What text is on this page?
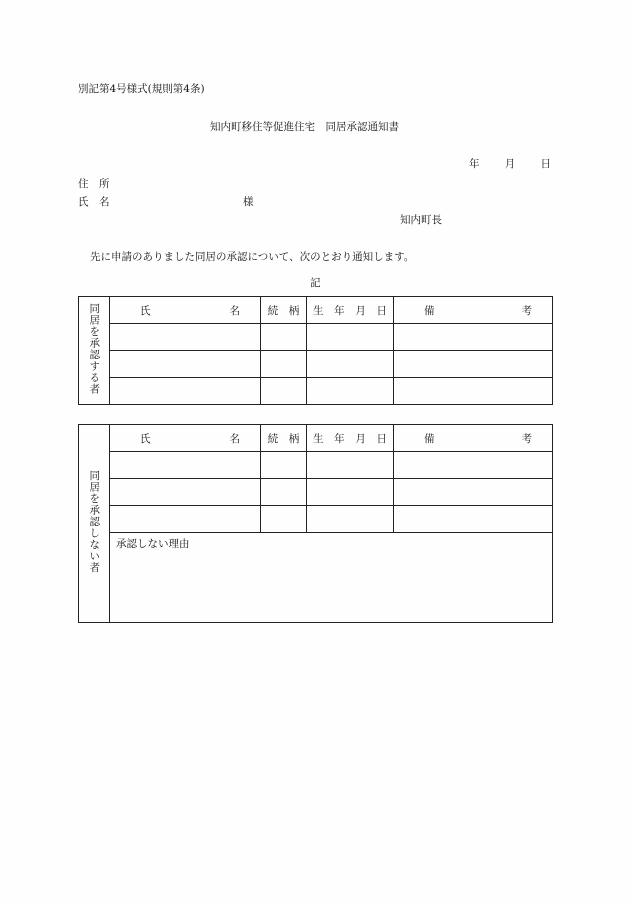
別記第4号様式(規則第4条)
知内町移住等促進住宅　同居承認通知書
年 月 日
住　所
氏　名	様
知内町長
先に申請のありました同居の承認について、次のとおり通知します。
記
同居を承認する者	氏 名	続　柄	生 年 月 日	備 考

同居を承認しない者	氏 名	続　柄	生 年 月 日	備 考

	承認しない理由			
